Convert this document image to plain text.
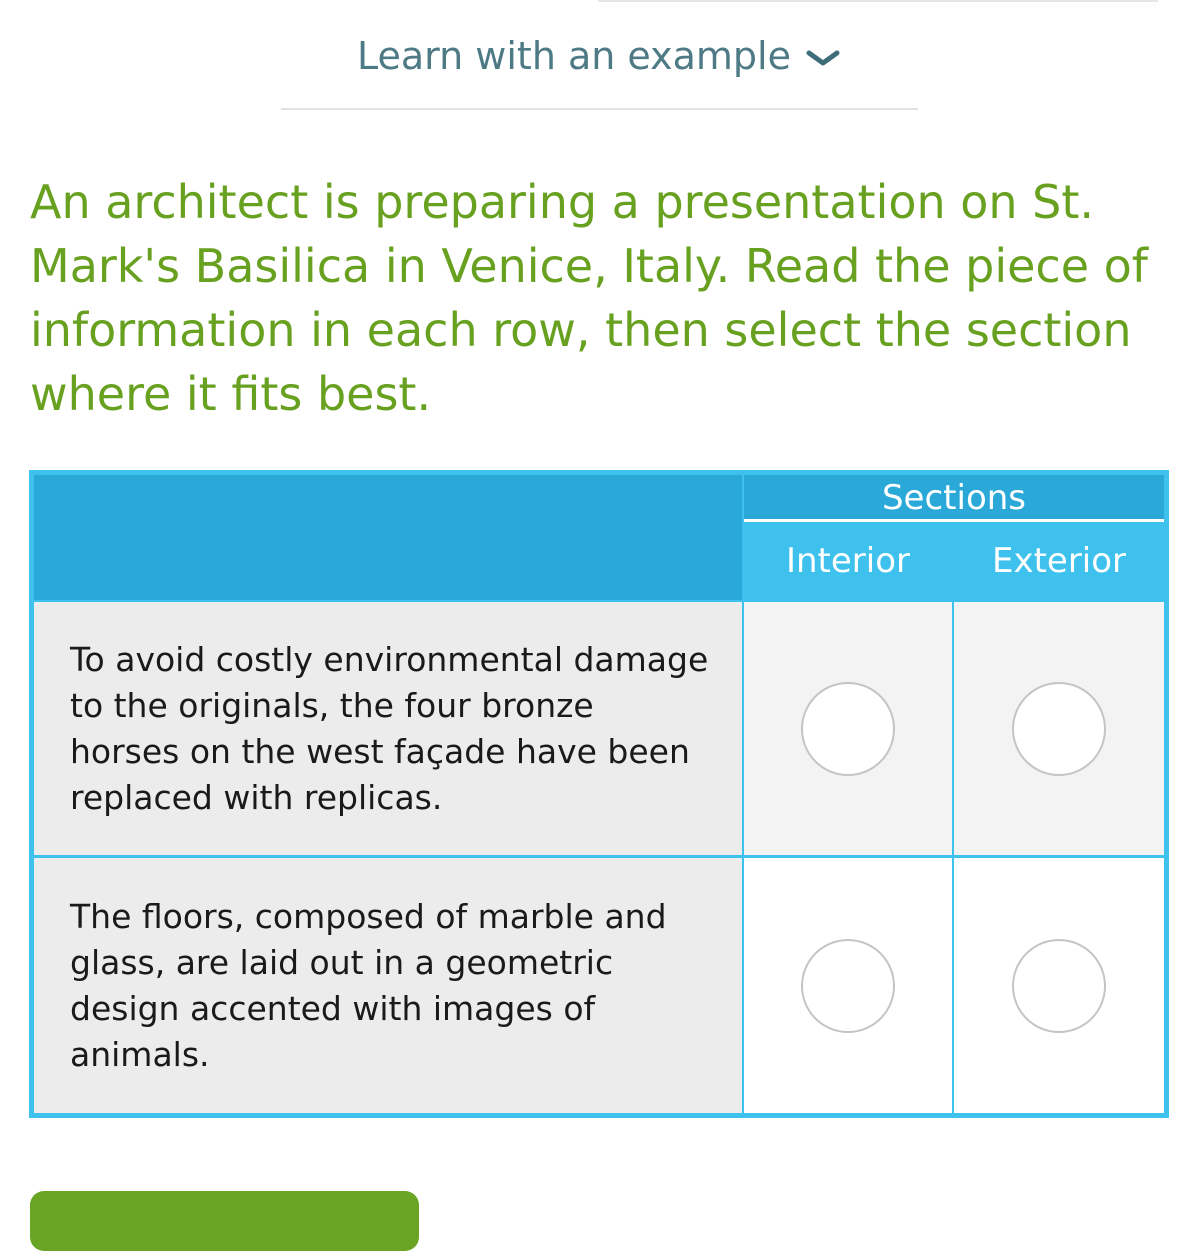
Learn with an example

An architect is preparing a presentation on St. Mark's Basilica in Venice, Italy. Read the piece of information in each row, then select the section where it fits best.

Sections
Interior	Exterior
To avoid costly environmental damage to the originals, the four bronze horses on the west façade have been replaced with replicas.
The floors, composed of marble and glass, are laid out in a geometric design accented with images of animals.
